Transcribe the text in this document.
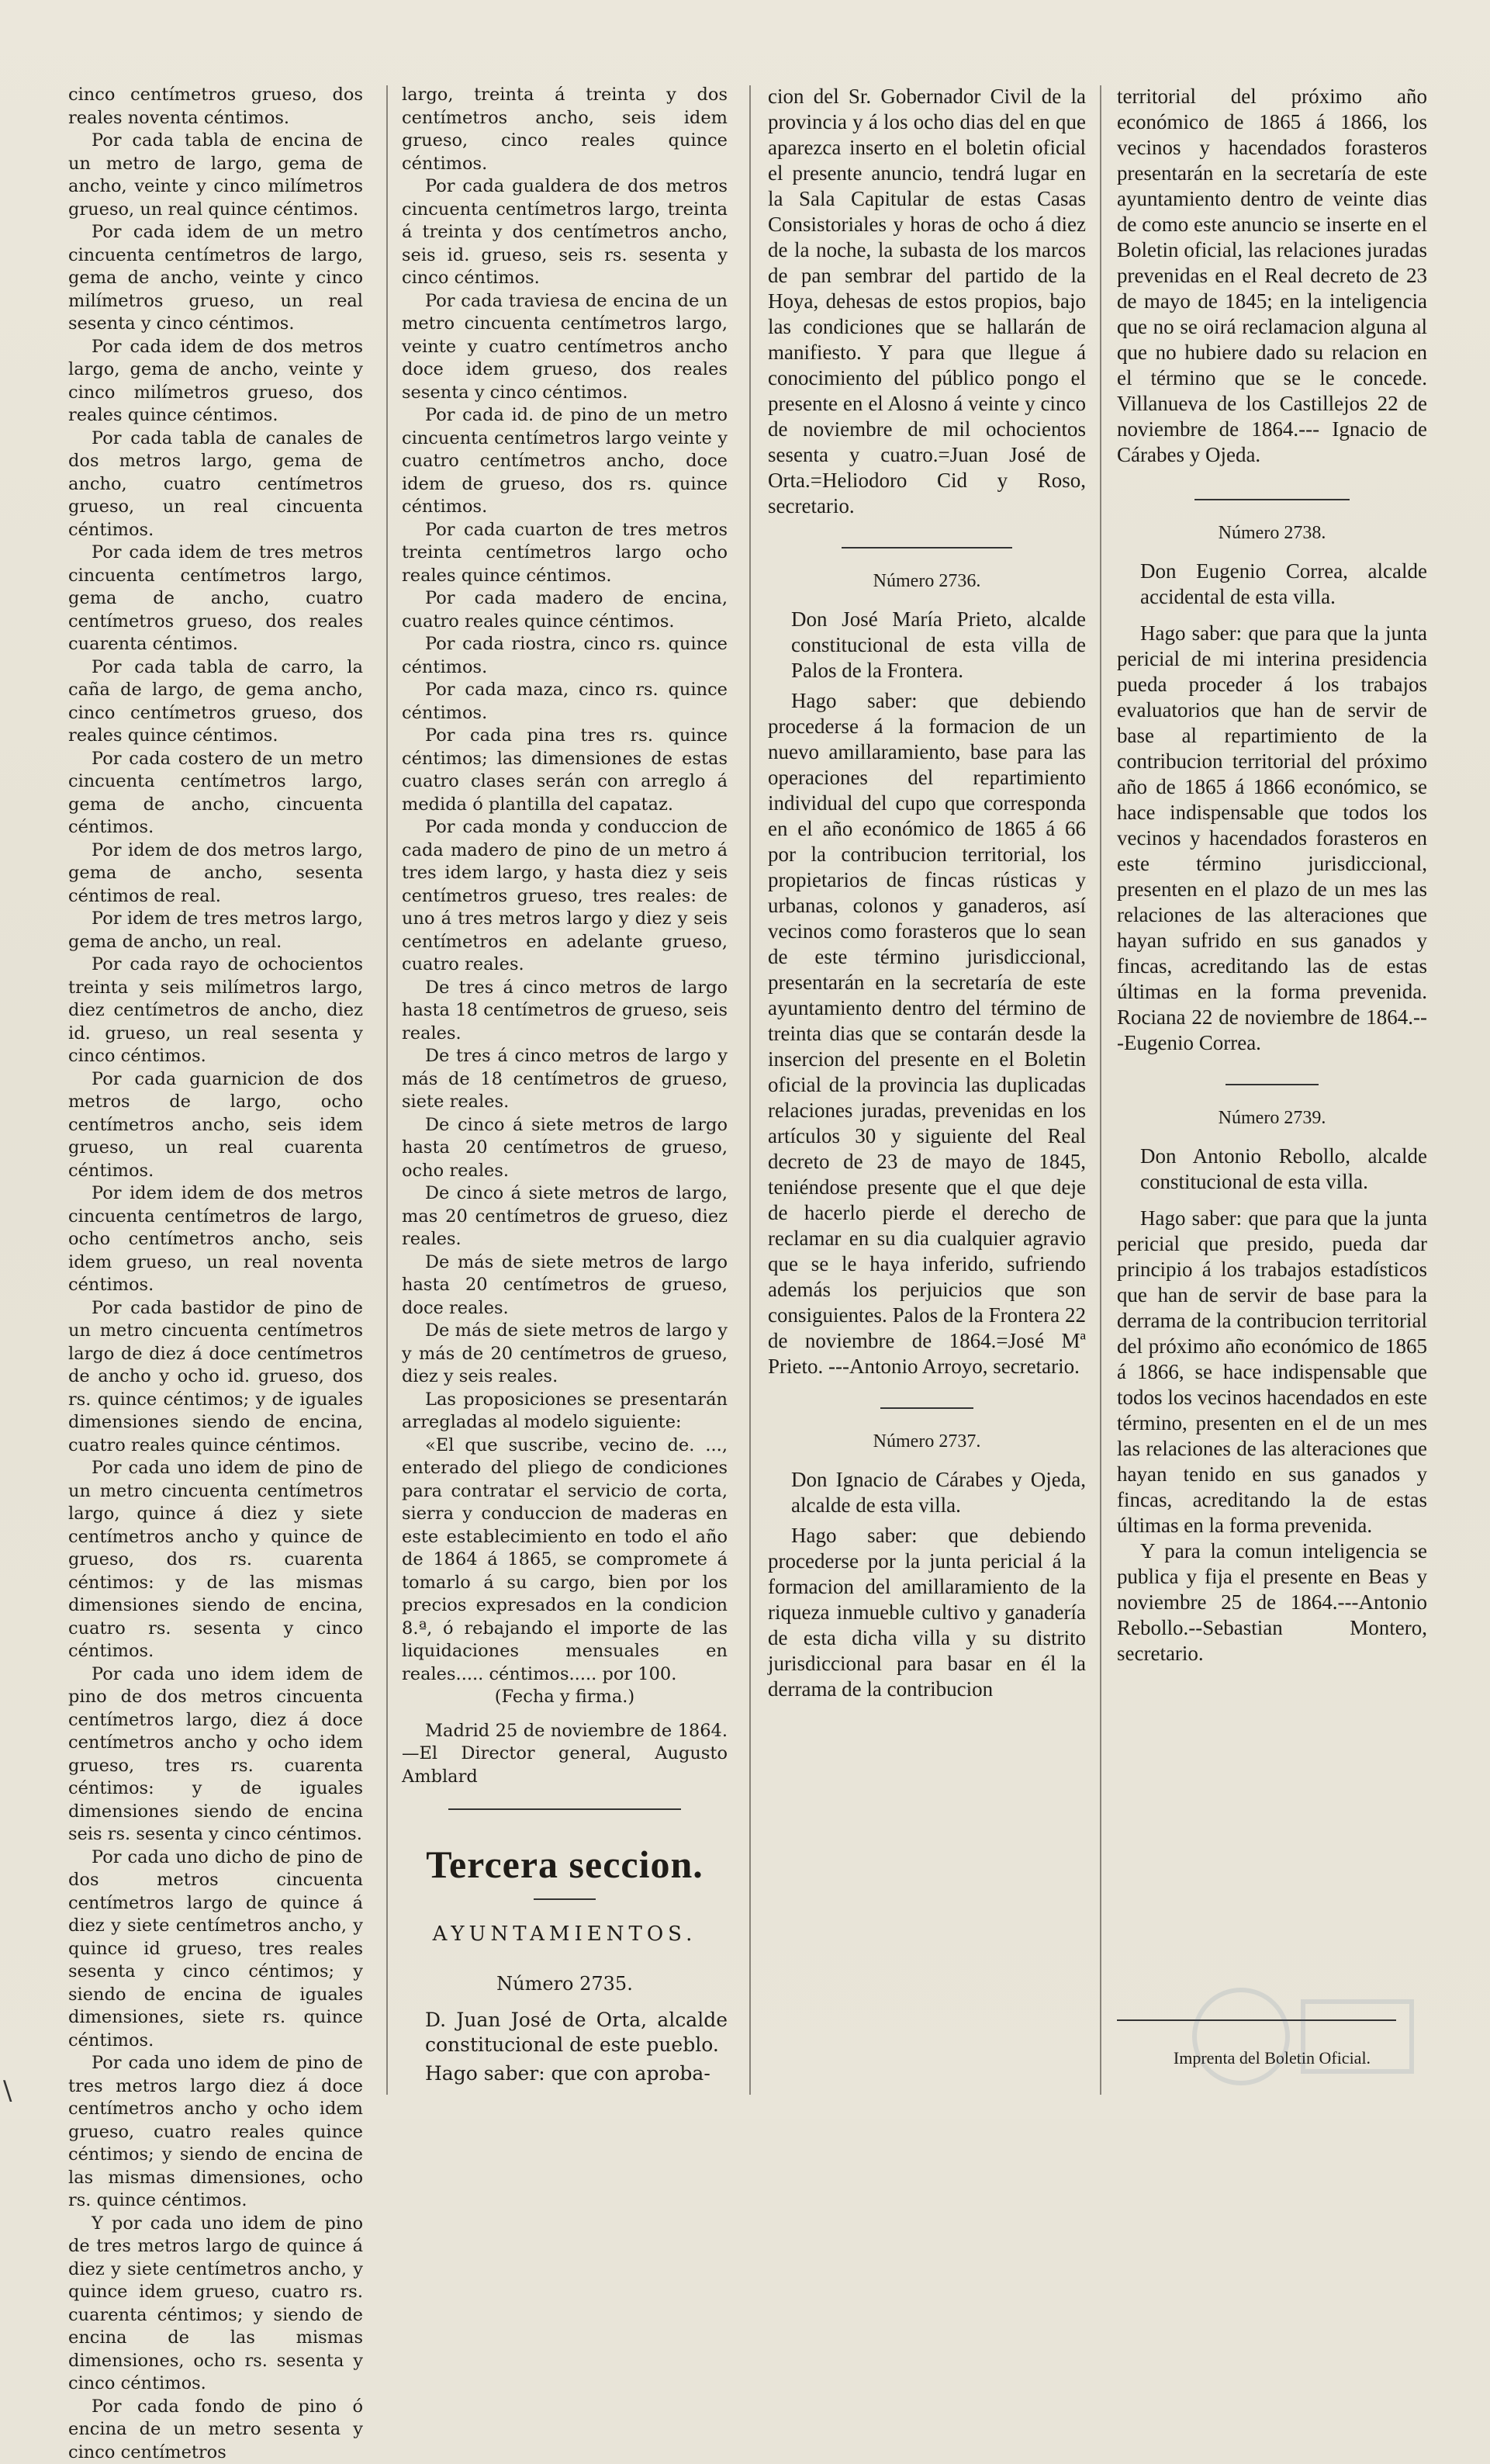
cinco centímetros grueso, dos reales noventa céntimos.

Por cada tabla de encina de un metro de largo, gema de ancho, veinte y cinco milímetros grueso, un real quince céntimos.

Por cada idem de un metro cincuenta centímetros de largo, gema de ancho, veinte y cinco milímetros grueso, un real sesenta y cinco céntimos.

Por cada idem de dos metros largo, gema de ancho, veinte y cinco milímetros grueso, dos reales quince céntimos.

Por cada tabla de canales de dos metros largo, gema de ancho, cuatro centímetros grueso, un real cincuenta céntimos.

Por cada idem de tres metros cincuenta centímetros largo, gema de ancho, cuatro centímetros grueso, dos reales cuarenta céntimos.

Por cada tabla de carro, la caña de largo, de gema ancho, cinco centímetros grueso, dos reales quince céntimos.

Por cada costero de un metro cincuenta centímetros largo, gema de ancho, cincuenta céntimos.

Por idem de dos metros largo, gema de ancho, sesenta céntimos de real.

Por idem de tres metros largo, gema de ancho, un real.

Por cada rayo de ochocientos treinta y seis milímetros largo, diez centímetros de ancho, diez id. grueso, un real sesenta y cinco céntimos.

Por cada guarnicion de dos metros de largo, ocho centímetros ancho, seis idem grueso, un real cuarenta céntimos.

Por idem idem de dos metros cincuenta centímetros de largo, ocho centímetros ancho, seis idem grueso, un real noventa céntimos.

Por cada bastidor de pino de un metro cincuenta centímetros largo de diez á doce centímetros de ancho y ocho id. grueso, dos rs. quince céntimos; y de iguales dimensiones siendo de encina, cuatro reales quince céntimos.

Por cada uno idem de pino de un metro cincuenta centímetros largo, quince á diez y siete centímetros ancho y quince de grueso, dos rs. cuarenta céntimos: y de las mismas dimensiones siendo de encina, cuatro rs. sesenta y cinco céntimos.

Por cada uno idem idem de pino de dos metros cincuenta centímetros largo, diez á doce centímetros ancho y ocho idem grueso, tres rs. cuarenta céntimos: y de iguales dimensiones siendo de encina seis rs. sesenta y cinco céntimos.

Por cada uno dicho de pino de dos metros cincuenta centímetros largo de quince á diez y siete centímetros ancho, y quince id grueso, tres reales sesenta y cinco céntimos; y siendo de encina de iguales dimensiones, siete rs. quince céntimos.

Por cada uno idem de pino de tres metros largo diez á doce centímetros ancho y ocho idem grueso, cuatro reales quince céntimos; y siendo de encina de las mismas dimensiones, ocho rs. quince céntimos.

Y por cada uno idem de pino de tres metros largo de quince á diez y siete centímetros ancho, y quince idem grueso, cuatro rs. cuarenta céntimos; y siendo de encina de las mismas dimensiones, ocho rs. sesenta y cinco céntimos.

Por cada fondo de pino ó encina de un metro sesenta y cinco centímetros

largo, treinta á treinta y dos centímetros ancho, seis idem grueso, cinco reales quince céntimos.

Por cada gualdera de dos metros cincuenta centímetros largo, treinta á treinta y dos centímetros ancho, seis id. grueso, seis rs. sesenta y cinco céntimos.

Por cada traviesa de encina de un metro cincuenta centímetros largo, veinte y cuatro centímetros ancho doce idem grueso, dos reales sesenta y cinco céntimos.

Por cada id. de pino de un metro cincuenta centímetros largo veinte y cuatro centímetros ancho, doce idem de grueso, dos rs. quince céntimos.

Por cada cuarton de tres metros treinta centímetros largo ocho reales quince céntimos.

Por cada madero de encina, cuatro reales quince céntimos.

Por cada riostra, cinco rs. quince céntimos.

Por cada maza, cinco rs. quince céntimos.

Por cada pina tres rs. quince céntimos; las dimensiones de estas cuatro clases serán con arreglo á medida ó plantilla del capataz.

Por cada monda y conduccion de cada madero de pino de un metro á tres idem largo, y hasta diez y seis centímetros grueso, tres reales: de uno á tres metros largo y diez y seis centímetros en adelante grueso, cuatro reales.

De tres á cinco metros de largo hasta 18 centímetros de grueso, seis reales.

De tres á cinco metros de largo y más de 18 centímetros de grueso, siete reales.

De cinco á siete metros de largo hasta 20 centímetros de grueso, ocho reales.

De cinco á siete metros de largo, mas 20 centímetros de grueso, diez reales.

De más de siete metros de largo hasta 20 centímetros de grueso, doce reales.

De más de siete metros de largo y y más de 20 centímetros de grueso, diez y seis reales.

Las proposiciones se presentarán arregladas al modelo siguiente:

«El que suscribe, vecino de. ..., enterado del pliego de condiciones para contratar el servicio de corta, sierra y conduccion de maderas en este establecimiento en todo el año de 1864 á 1865, se compromete á tomarlo á su cargo, bien por los precios expresados en la condicion 8.ª, ó rebajando el importe de las liquidaciones mensuales en reales..... céntimos..... por 100.

(Fecha y firma.)

Madrid 25 de noviembre de 1864. —El Director general, Augusto Amblard

Tercera seccion.
AYUNTAMIENTOS.
Número 2735.

D. Juan José de Orta, alcalde constitucional de este pueblo.

Hago saber: que con aproba-

cion del Sr. Gobernador Civil de la provincia y á los ocho dias del en que aparezca inserto en el boletin oficial el presente anuncio, tendrá lugar en la Sala Capitular de estas Casas Consistoriales y horas de ocho á diez de la noche, la subasta de los marcos de pan sembrar del partido de la Hoya, dehesas de estos propios, bajo las condiciones que se hallarán de manifiesto. Y para que llegue á conocimiento del público pongo el presente en el Alosno á veinte y cinco de noviembre de mil ochocientos sesenta y cuatro.=Juan José de Orta.=Heliodoro Cid y Roso, secretario.

Número 2736.

Don José María Prieto, alcalde constitucional de esta villa de Palos de la Frontera.

Hago saber: que debiendo procederse á la formacion de un nuevo amillaramiento, base para las operaciones del repartimiento individual del cupo que corresponda en el año económico de 1865 á 66 por la contribucion territorial, los propietarios de fincas rústicas y urbanas, colonos y ganaderos, así vecinos como forasteros que lo sean de este término jurisdiccional, presentarán en la secretaría de este ayuntamiento dentro del término de treinta dias que se contarán desde la insercion del presente en el Boletin oficial de la provincia las duplicadas relaciones juradas, prevenidas en los artículos 30 y siguiente del Real decreto de 23 de mayo de 1845, teniéndose presente que el que deje de hacerlo pierde el derecho de reclamar en su dia cualquier agravio que se le haya inferido, sufriendo además los perjuicios que son consiguientes. Palos de la Frontera 22 de noviembre de 1864.=José Mª Prieto. ---Antonio Arroyo, secretario.

Número 2737.

Don Ignacio de Cárabes y Ojeda, alcalde de esta villa.

Hago saber: que debiendo procederse por la junta pericial á la formacion del amillaramiento de la riqueza inmueble cultivo y ganadería de esta dicha villa y su distrito jurisdiccional para basar en él la derrama de la contribucion

territorial del próximo año económico de 1865 á 1866, los vecinos y hacendados forasteros presentarán en la secretaría de este ayuntamiento dentro de veinte dias de como este anuncio se inserte en el Boletin oficial, las relaciones juradas prevenidas en el Real decreto de 23 de mayo de 1845; en la inteligencia que no se oirá reclamacion alguna al que no hubiere dado su relacion en el término que se le concede. Villanueva de los Castillejos 22 de noviembre de 1864.--- Ignacio de Cárabes y Ojeda.

Número 2738.

Don Eugenio Correa, alcalde accidental de esta villa.

Hago saber: que para que la junta pericial de mi interina presidencia pueda proceder á los trabajos evaluatorios que han de servir de base al repartimiento de la contribucion territorial del próximo año de 1865 á 1866 económico, se hace indispensable que todos los vecinos y hacendados forasteros en este término jurisdiccional, presenten en el plazo de un mes las relaciones de las alteraciones que hayan sufrido en sus ganados y fincas, acreditando las de estas últimas en la forma prevenida. Rociana 22 de noviembre de 1864.---Eugenio Correa.

Número 2739.

Don Antonio Rebollo, alcalde constitucional de esta villa.

Hago saber: que para que la junta pericial que presido, pueda dar principio á los trabajos estadísticos que han de servir de base para la derrama de la contribucion territorial del próximo año económico de 1865 á 1866, se hace indispensable que todos los vecinos hacendados en este término, presenten en el de un mes las relaciones de las alteraciones que hayan tenido en sus ganados y fincas, acreditando la de estas últimas en la forma prevenida.

Y para la comun inteligencia se publica y fija el presente en Beas y noviembre 25 de 1864.---Antonio Rebollo.--Sebastian Montero, secretario.

Imprenta del Boletin Oficial.
\
